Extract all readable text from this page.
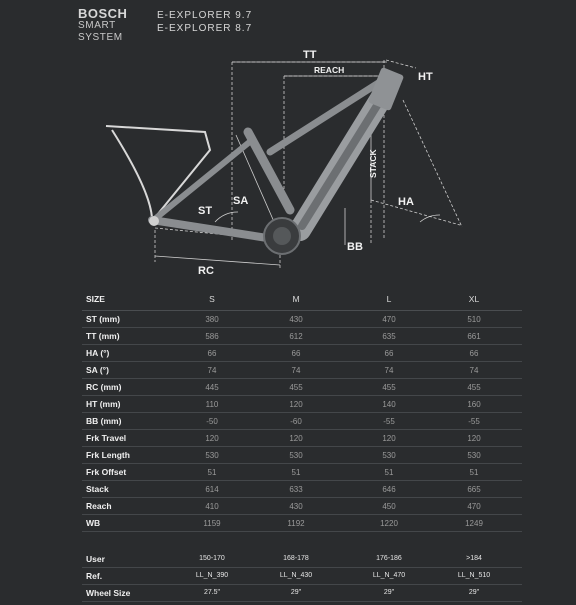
BOSCH
SMART
SYSTEM
E-EXPLORER 9.7
E-EXPLORER 8.7
TT
REACH
HT
STACK
HA
SA
ST
BB
RC
SIZE	S	M	L	XL
ST (mm)	380	430	470	510
TT (mm)	586	612	635	661
HA (°)	66	66	66	66
SA (°)	74	74	74	74
RC (mm)	445	455	455	455
HT (mm)	110	120	140	160
BB (mm)	-50	-60	-55	-55
Frk Travel	120	120	120	120
Frk Length	530	530	530	530
Frk Offset	51	51	51	51
Stack	614	633	646	665
Reach	410	430	450	470
WB	1159	1192	1220	1249
User	150-170	168-178	176-186	>184
Ref.	LL_N_390	LL_N_430	LL_N_470	LL_N_510
Wheel Size	27.5"	29"	29"	29"
